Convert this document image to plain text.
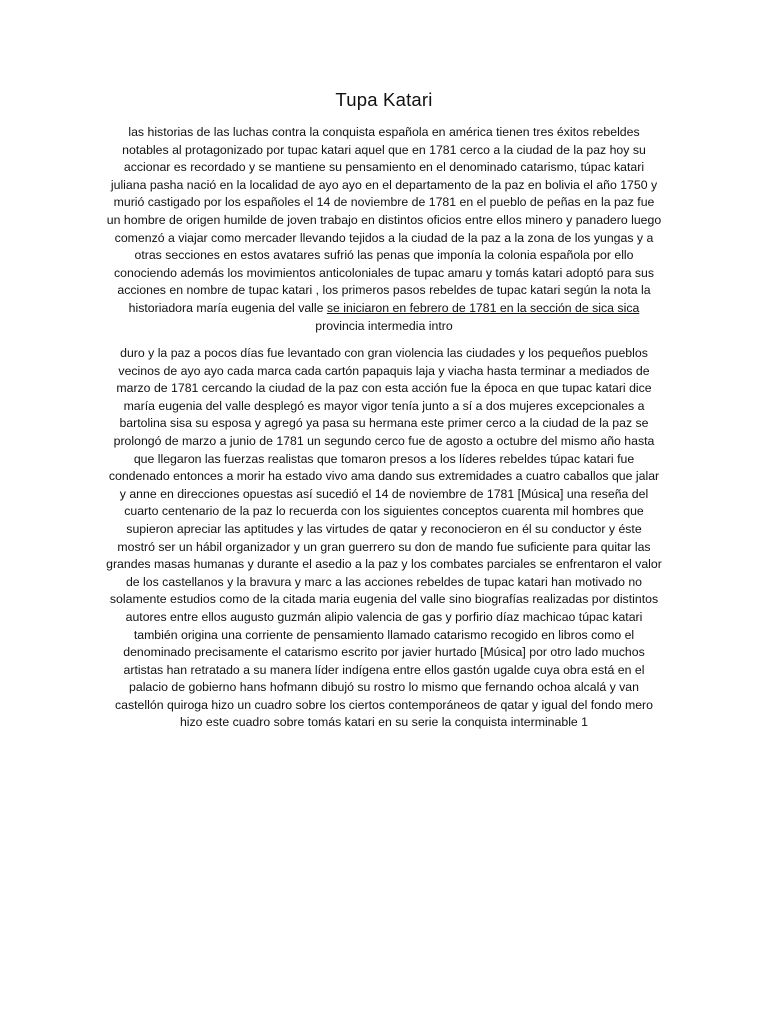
Tupa Katari

las historias de las luchas contra la conquista española en américa tienen tres éxitos rebeldes notables al protagonizado por tupac katari aquel que en 1781 cerco a la ciudad de la paz hoy su accionar es recordado y se mantiene su pensamiento en el denominado catarismo, túpac katari juliana pasha nació en la localidad de ayo ayo en el departamento de la paz en bolivia el año 1750 y murió castigado por los españoles el 14 de noviembre de 1781 en el pueblo de peñas en la paz fue un hombre de origen humilde de joven trabajo en distintos oficios entre ellos minero y panadero luego comenzó a viajar como mercader llevando tejidos a la ciudad de la paz a la zona de los yungas y a otras secciones en estos avatares sufrió las penas que imponía la colonia española por ello conociendo además los movimientos anticoloniales de tupac amaru y tomás katari adoptó para sus acciones en nombre de tupac katari , los primeros pasos rebeldes de tupac katari según la nota la historiadora maría eugenia del valle se iniciaron en febrero de 1781 en la sección de sica sica provincia intermedia intro

duro y la paz a pocos días fue levantado con gran violencia las ciudades y los pequeños pueblos vecinos de ayo ayo cada marca cada cartón papaquis laja y viacha hasta terminar a mediados de marzo de 1781 cercando la ciudad de la paz con esta acción fue la época en que tupac katari dice maría eugenia del valle desplegó es mayor vigor tenía junto a sí a dos mujeres excepcionales a bartolina sisa su esposa y agregó ya pasa su hermana este primer cerco a la ciudad de la paz se prolongó de marzo a junio de 1781 un segundo cerco fue de agosto a octubre del mismo año hasta que llegaron las fuerzas realistas que tomaron presos a los líderes rebeldes túpac katari fue condenado entonces a morir ha estado vivo ama dando sus extremidades a cuatro caballos que jalar y anne en direcciones opuestas así sucedió el 14 de noviembre de 1781 [Música] una reseña del cuarto centenario de la paz lo recuerda con los siguientes conceptos cuarenta mil hombres que supieron apreciar las aptitudes y las virtudes de qatar y reconocieron en él su conductor y éste mostró ser un hábil organizador y un gran guerrero su don de mando fue suficiente para quitar las grandes masas humanas y durante el asedio a la paz y los combates parciales se enfrentaron el valor de los castellanos y la bravura y marc a las acciones rebeldes de tupac katari han motivado no solamente estudios como de la citada maria eugenia del valle sino biografías realizadas por distintos autores entre ellos augusto guzmán alipio valencia de gas y porfirio díaz machicao túpac katari también origina una corriente de pensamiento llamado catarismo recogido en libros como el denominado precisamente el catarismo escrito por javier hurtado [Música] por otro lado muchos artistas han retratado a su manera líder indígena entre ellos gastón ugalde cuya obra está en el palacio de gobierno hans hofmann dibujó su rostro lo mismo que fernando ochoa alcalá y van castellón quiroga hizo un cuadro sobre los ciertos contemporáneos de qatar y igual del fondo mero hizo este cuadro sobre tomás katari en su serie la conquista interminable 1
